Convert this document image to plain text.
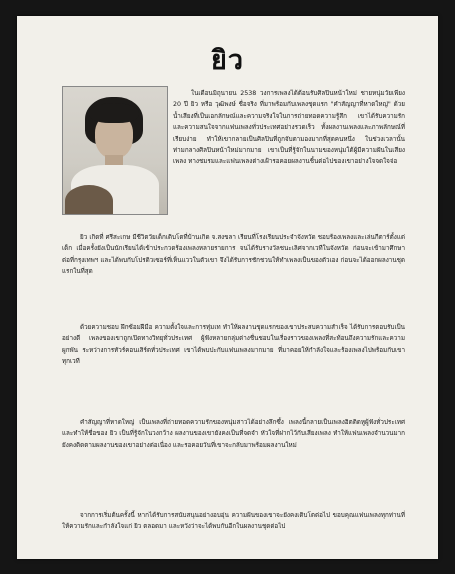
ยิว

ในเดือนมิถุนายน 2538 วงการเพลงได้ต้อนรับศิลปินหน้าใหม่ ชายหนุ่มวัยเพียง 20 ปี ยิว หรือ วุฒิพงษ์ ชื่อจริง ที่มาพร้อมกับเพลงชุดแรก "คำสัญญาที่หาดใหญ่" ด้วยน้ำเสียงที่เป็นเอกลักษณ์และความจริงใจในการถ่ายทอดความรู้สึก เขาได้รับความรักและความสนใจจากแฟนเพลงทั่วประเทศอย่างรวดเร็ว ทั้งผลงานเพลงและภาพลักษณ์ที่เรียบง่าย ทำให้เขากลายเป็นศิลปินที่ถูกจับตามองมากที่สุดคนหนึ่ง ในช่วงเวลานั้น ท่ามกลางศิลปินหน้าใหม่มากมาย เขาเป็นที่รู้จักในนามของหนุ่มใต้ผู้มีความฝันในเสียงเพลง ทางชมรมและแฟนเพลงต่างเฝ้ารอคอยผลงานชิ้นต่อไปของเขาอย่างใจจดใจจ่อ

ยิว เกิดที่ ศรีสะเกษ มีชีวิตวัยเด็กเติบโตที่บ้านเกิด จ.สงขลา เรียนที่โรงเรียนประจำจังหวัด ชอบร้องเพลงและเล่นกีตาร์ตั้งแต่เด็ก เมื่อครั้งยังเป็นนักเรียนได้เข้าประกวดร้องเพลงหลายรายการ จนได้รับรางวัลชนะเลิศจากเวทีในจังหวัด ก่อนจะเข้ามาศึกษาต่อที่กรุงเทพฯ และได้พบกับโปรดิวเซอร์ที่เห็นแววในตัวเขา จึงได้รับการชักชวนให้ทำเพลงเป็นของตัวเอง ก่อนจะได้ออกผลงานชุดแรกในที่สุด

ด้วยความชอบ ฝึกซ้อมฝีมือ ความตั้งใจและการทุ่มเท ทำให้ผลงานชุดแรกของเขาประสบความสำเร็จ ได้รับการตอบรับเป็นอย่างดี เพลงของเขาถูกเปิดทางวิทยุทั่วประเทศ ผู้ฟังหลายกลุ่มต่างชื่นชอบในเรื่องราวของเพลงที่สะท้อนถึงความรักและความผูกพัน ระหว่างการทัวร์คอนเสิร์ตทั่วประเทศ เขาได้พบปะกับแฟนเพลงมากมาย ที่มาคอยให้กำลังใจและร้องเพลงไปพร้อมกับเขาทุกเวที

คำสัญญาที่หาดใหญ่ เป็นเพลงที่ถ่ายทอดความรักของหนุ่มสาวได้อย่างลึกซึ้ง เพลงนี้กลายเป็นเพลงฮิตติดหูผู้ฟังทั่วประเทศ และทำให้ชื่อของ ยิว เป็นที่รู้จักในวงกว้าง ผลงานของเขายังคงเป็นที่จดจำ หัวใจที่ฝากไว้กับเสียงเพลง ทำให้แฟนเพลงจำนวนมากยังคงติดตามผลงานของเขาอย่างต่อเนื่อง และรอคอยวันที่เขาจะกลับมาพร้อมผลงานใหม่

จากการเริ่มต้นครั้งนี้ หากได้รับการสนับสนุนอย่างอบอุ่น ความฝันของเขาจะยังคงเติบโตต่อไป ขอบคุณแฟนเพลงทุกท่านที่ให้ความรักและกำลังใจแก่ ยิว ตลอดมา และหวังว่าจะได้พบกันอีกในผลงานชุดต่อไป
